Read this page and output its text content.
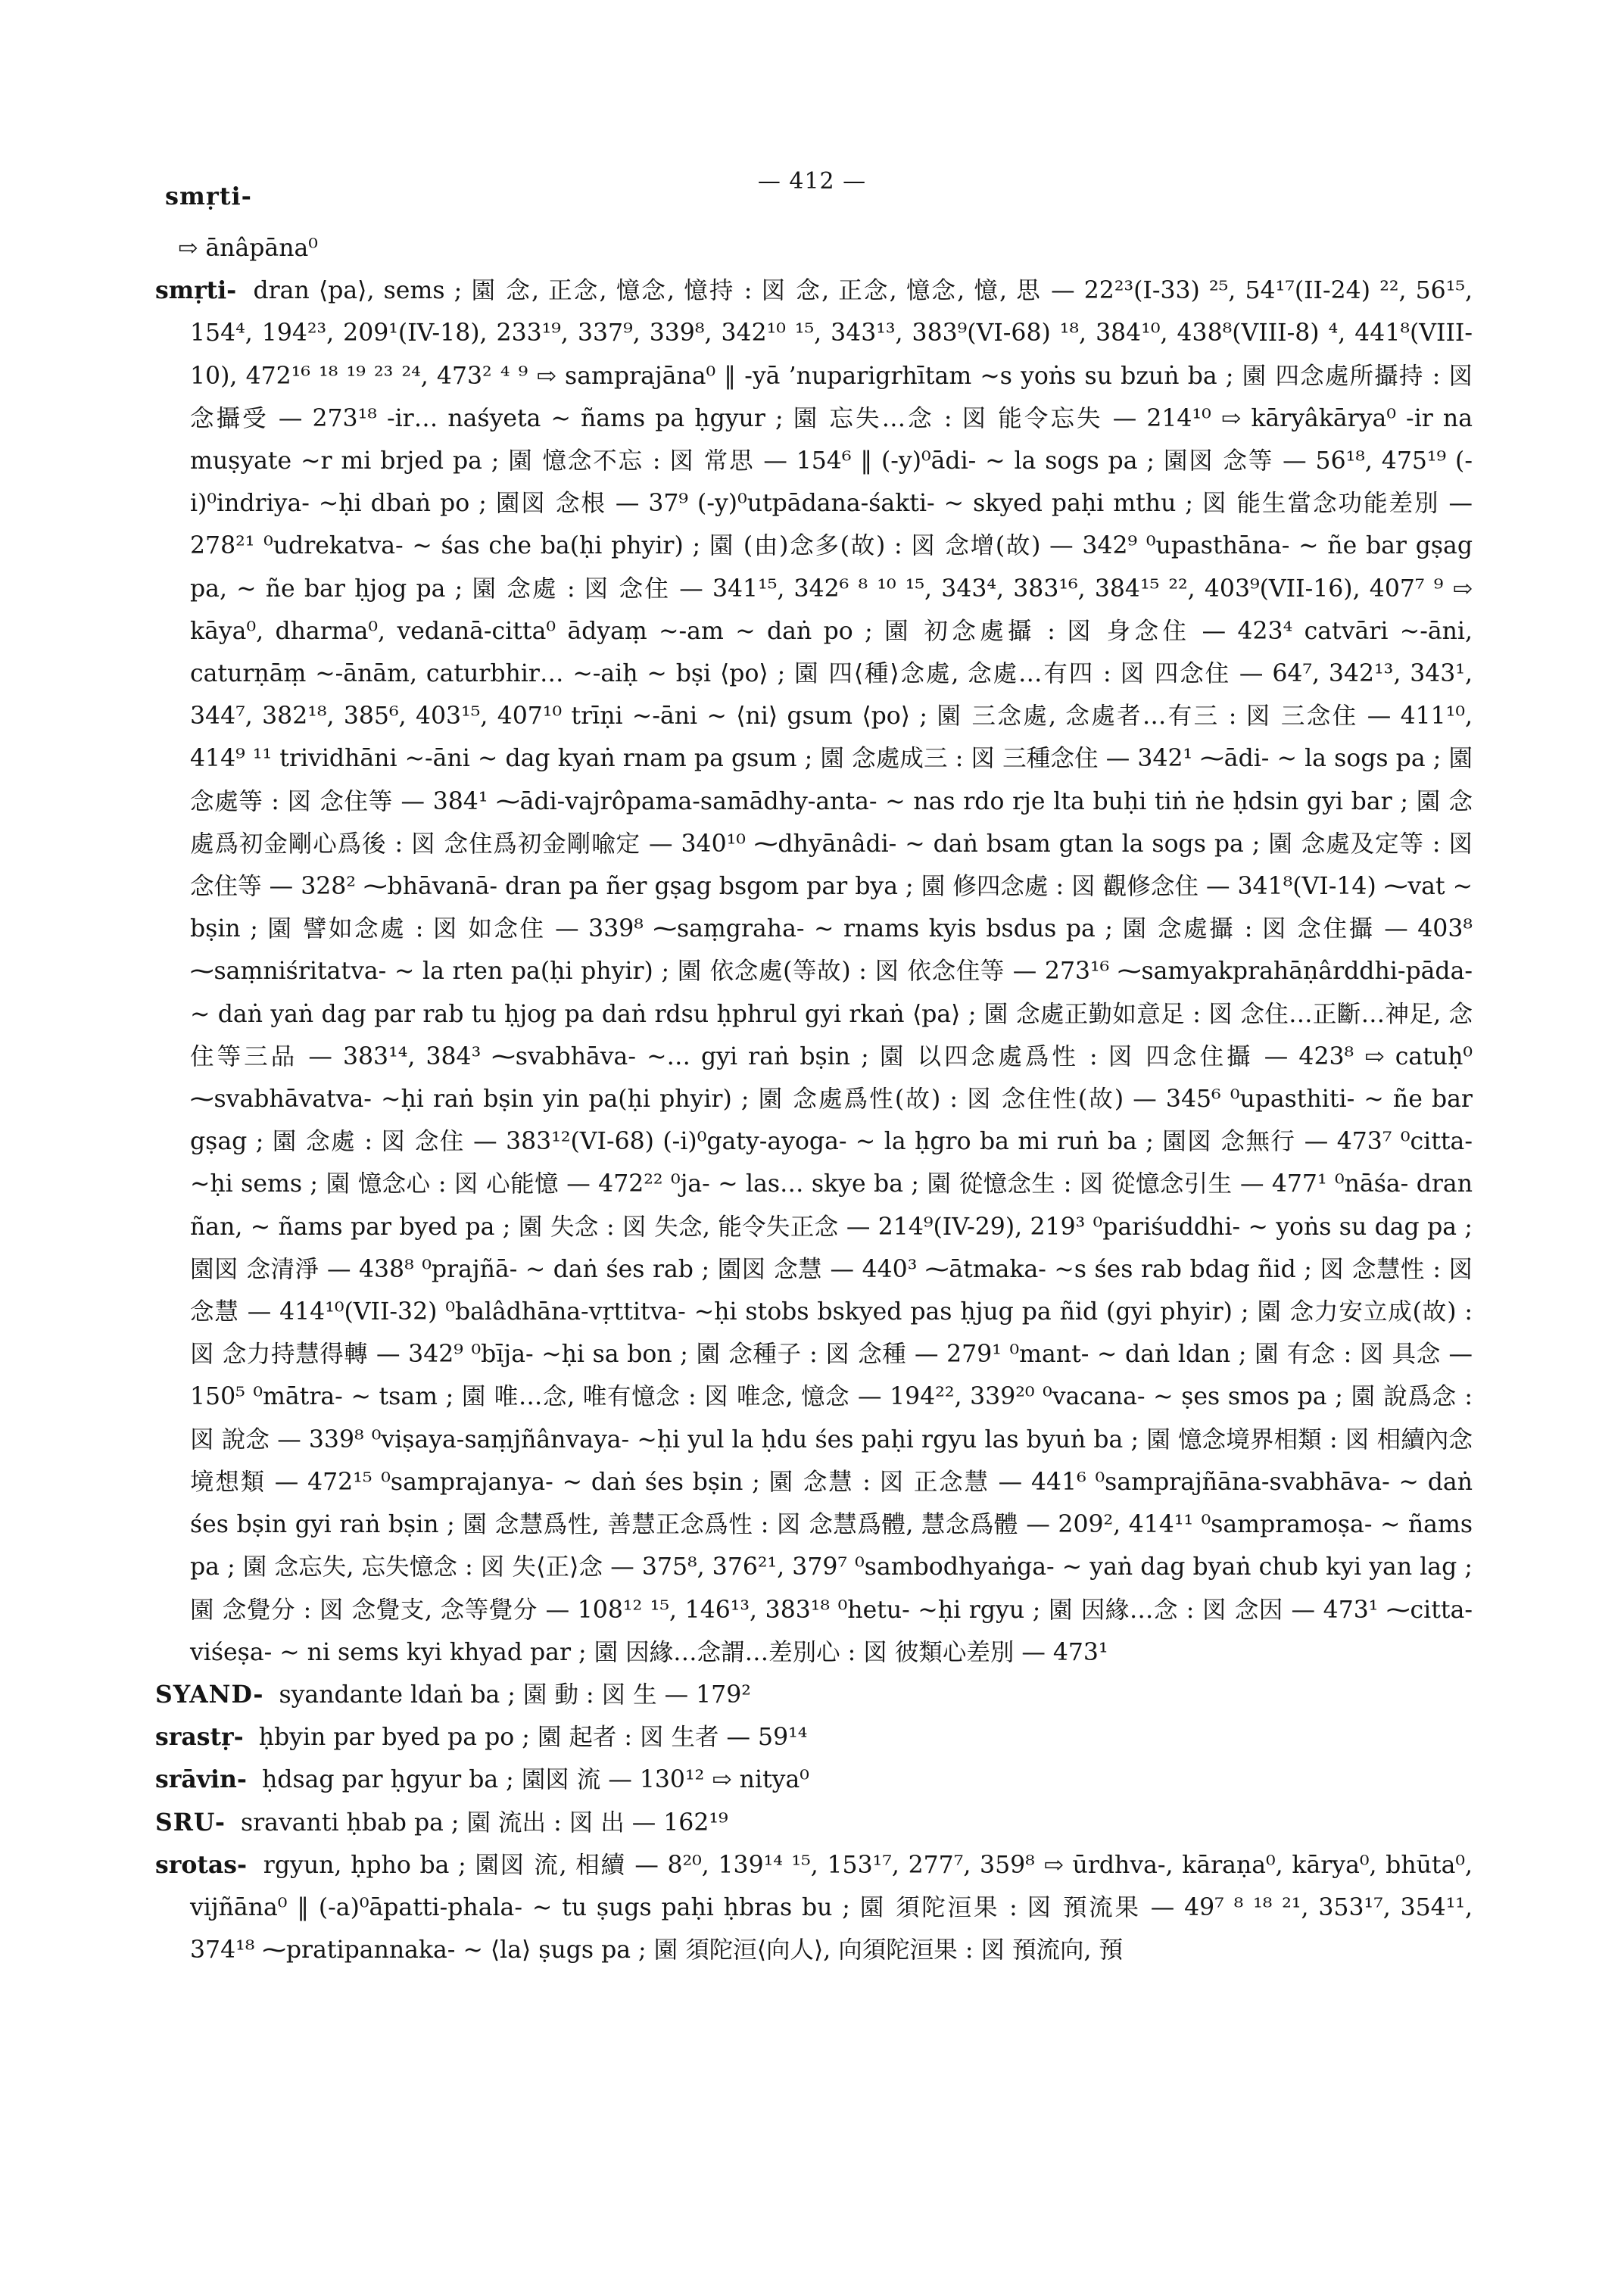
— 412 —
smṛti-
⇨ ānâpāna⁰
smṛti- dran ⟨pa⟩, sems ; 園 念, 正念, 憶念, 憶持 : 図 念, 正念, 憶念, 憶, 思 — 22²³(I-33) ²⁵, 54¹⁷(II-24) ²², 56¹⁵, 154⁴, 194²³, 209¹(IV-18), 233¹⁹, 337⁹, 339⁸, 342¹⁰ ¹⁵, 343¹³, 383⁹(VI-68) ¹⁸, 384¹⁰, 438⁸(VIII-8) ⁴, 441⁸(VIII-10), 472¹⁶ ¹⁸ ¹⁹ ²³ ²⁴, 473² ⁴ ⁹ ⇨ samprajāna⁰ ‖ -yā ’nuparigrhītam ~s yoṅs su bzuṅ ba ; 園 四念處所攝持 : 図 念攝受 — 273¹⁸ -ir… naśyeta ~ ñams pa ḥgyur ; 園 忘失…念 : 図 能令忘失 — 214¹⁰ ⇨ kāryâkārya⁰ -ir na muṣyate ~r mi brjed pa ; 園 憶念不忘 : 図 常思 — 154⁶ ‖ (-y)⁰ādi- ~ la sogs pa ; 園図 念等 — 56¹⁸, 475¹⁹ (-i)⁰indriya- ~ḥi dbaṅ po ; 園図 念根 — 37⁹ (-y)⁰utpādana-śakti- ~ skyed paḥi mthu ; 図 能生當念功能差別 — 278²¹ ⁰udrekatva- ~ śas che ba(ḥi phyir) ; 園 (由)念多(故) : 図 念增(故) — 342⁹ ⁰upasthāna- ~ ñe bar gṣag pa, ~ ñe bar ḥjog pa ; 園 念處 : 図 念住 — 341¹⁵, 342⁶ ⁸ ¹⁰ ¹⁵, 343⁴, 383¹⁶, 384¹⁵ ²², 403⁹(VII-16), 407⁷ ⁹ ⇨ kāya⁰, dharma⁰, vedanā-citta⁰ ādyaṃ ~-am ~ daṅ po ; 園 初念處攝 : 図 身念住 — 423⁴ catvāri ~-āni, caturṇāṃ ~-ānām, caturbhir… ~-aiḥ ~ bṣi ⟨po⟩ ; 園 四⟨種⟩念處, 念處…有四 : 図 四念住 — 64⁷, 342¹³, 343¹, 344⁷, 382¹⁸, 385⁶, 403¹⁵, 407¹⁰ trīṇi ~-āni ~ ⟨ni⟩ gsum ⟨po⟩ ; 園 三念處, 念處者…有三 : 図 三念住 — 411¹⁰, 414⁹ ¹¹ trividhāni ~-āni ~ dag kyaṅ rnam pa gsum ; 園 念處成三 : 図 三種念住 — 342¹ ⁓ādi- ~ la sogs pa ; 園 念處等 : 図 念住等 — 384¹ ⁓ādi-vajrôpama-samādhy-anta- ~ nas rdo rje lta buḥi tiṅ ṅe ḥdsin gyi bar ; 園 念處爲初金剛心爲後 : 図 念住爲初金剛喩定 — 340¹⁰ ⁓dhyānâdi- ~ daṅ bsam gtan la sogs pa ; 園 念處及定等 : 図 念住等 — 328² ⁓bhāvanā- dran pa ñer gṣag bsgom par bya ; 園 修四念處 : 図 觀修念住 — 341⁸(VI-14) ⁓vat ~ bṣin ; 園 譬如念處 : 図 如念住 — 339⁸ ⁓saṃgraha- ~ rnams kyis bsdus pa ; 園 念處攝 : 図 念住攝 — 403⁸ ⁓saṃniśritatva- ~ la rten pa(ḥi phyir) ; 園 依念處(等故) : 図 依念住等 — 273¹⁶ ⁓samyakprahāṇârddhi-pāda- ~ daṅ yaṅ dag par rab tu ḥjog pa daṅ rdsu ḥphrul gyi rkaṅ ⟨pa⟩ ; 園 念處正勤如意足 : 図 念住…正斷…神足, 念住等三品 — 383¹⁴, 384³ ⁓svabhāva- ~… gyi raṅ bṣin ; 園 以四念處爲性 : 図 四念住攝 — 423⁸ ⇨ catuḥ⁰ ⁓svabhāvatva- ~ḥi raṅ bṣin yin pa(ḥi phyir) ; 園 念處爲性(故) : 図 念住性(故) — 345⁶ ⁰upasthiti- ~ ñe bar gṣag ; 園 念處 : 図 念住 — 383¹²(VI-68) (-i)⁰gaty-ayoga- ~ la ḥgro ba mi ruṅ ba ; 園図 念無行 — 473⁷ ⁰citta- ~ḥi sems ; 園 憶念心 : 図 心能憶 — 472²² ⁰ja- ~ las… skye ba ; 園 從憶念生 : 図 從憶念引生 — 477¹ ⁰nāśa- dran ñan, ~ ñams par byed pa ; 園 失念 : 図 失念, 能令失正念 — 214⁹(IV-29), 219³ ⁰pariśuddhi- ~ yoṅs su dag pa ; 園図 念清淨 — 438⁸ ⁰prajñā- ~ daṅ śes rab ; 園図 念慧 — 440³ ⁓ātmaka- ~s śes rab bdag ñid ; 図 念慧性 : 図 念慧 — 414¹⁰(VII-32) ⁰balâdhāna-vṛttitva- ~ḥi stobs bskyed pas ḥjug pa ñid (gyi phyir) ; 園 念力安立成(故) : 図 念力持慧得轉 — 342⁹ ⁰bīja- ~ḥi sa bon ; 園 念種子 : 図 念種 — 279¹ ⁰mant- ~ daṅ ldan ; 園 有念 : 図 具念 — 150⁵ ⁰mātra- ~ tsam ; 園 唯…念, 唯有憶念 : 図 唯念, 憶念 — 194²², 339²⁰ ⁰vacana- ~ ṣes smos pa ; 園 說爲念 : 図 說念 — 339⁸ ⁰viṣaya-saṃjñânvaya- ~ḥi yul la ḥdu śes paḥi rgyu las byuṅ ba ; 園 憶念境界相類 : 図 相續內念境想類 — 472¹⁵ ⁰samprajanya- ~ daṅ śes bṣin ; 園 念慧 : 図 正念慧 — 441⁶ ⁰samprajñāna-svabhāva- ~ daṅ śes bṣin gyi raṅ bṣin ; 園 念慧爲性, 善慧正念爲性 : 図 念慧爲體, 慧念爲體 — 209², 414¹¹ ⁰sampramoṣa- ~ ñams pa ; 園 念忘失, 忘失憶念 : 図 失⟨正⟩念 — 375⁸, 376²¹, 379⁷ ⁰sambodhyaṅga- ~ yaṅ dag byaṅ chub kyi yan lag ; 園 念覺分 : 図 念覺支, 念等覺分 — 108¹² ¹⁵, 146¹³, 383¹⁸ ⁰hetu- ~ḥi rgyu ; 園 因緣…念 : 図 念因 — 473¹ ⁓citta-viśeṣa- ~ ni sems kyi khyad par ; 園 因緣…念謂…差別心 : 図 彼類心差別 — 473¹
SYAND- syandante ldaṅ ba ; 園 動 : 図 生 — 179²
srastṛ- ḥbyin par byed pa po ; 園 起者 : 図 生者 — 59¹⁴
srāvin- ḥdsag par ḥgyur ba ; 園図 流 — 130¹² ⇨ nitya⁰
SRU- sravanti ḥbab pa ; 園 流出 : 図 出 — 162¹⁹
srotas- rgyun, ḥpho ba ; 園図 流, 相續 — 8²⁰, 139¹⁴ ¹⁵, 153¹⁷, 277⁷, 359⁸ ⇨ ūrdhva-, kāraṇa⁰, kārya⁰, bhūta⁰, vijñāna⁰ ‖ (-a)⁰āpatti-phala- ~ tu ṣugs paḥi ḥbras bu ; 園 須陀洹果 : 図 預流果 — 49⁷ ⁸ ¹⁸ ²¹, 353¹⁷, 354¹¹, 374¹⁸ ⁓pratipannaka- ~ ⟨la⟩ ṣugs pa ; 園 須陀洹⟨向人⟩, 向須陀洹果 : 図 預流向, 預
